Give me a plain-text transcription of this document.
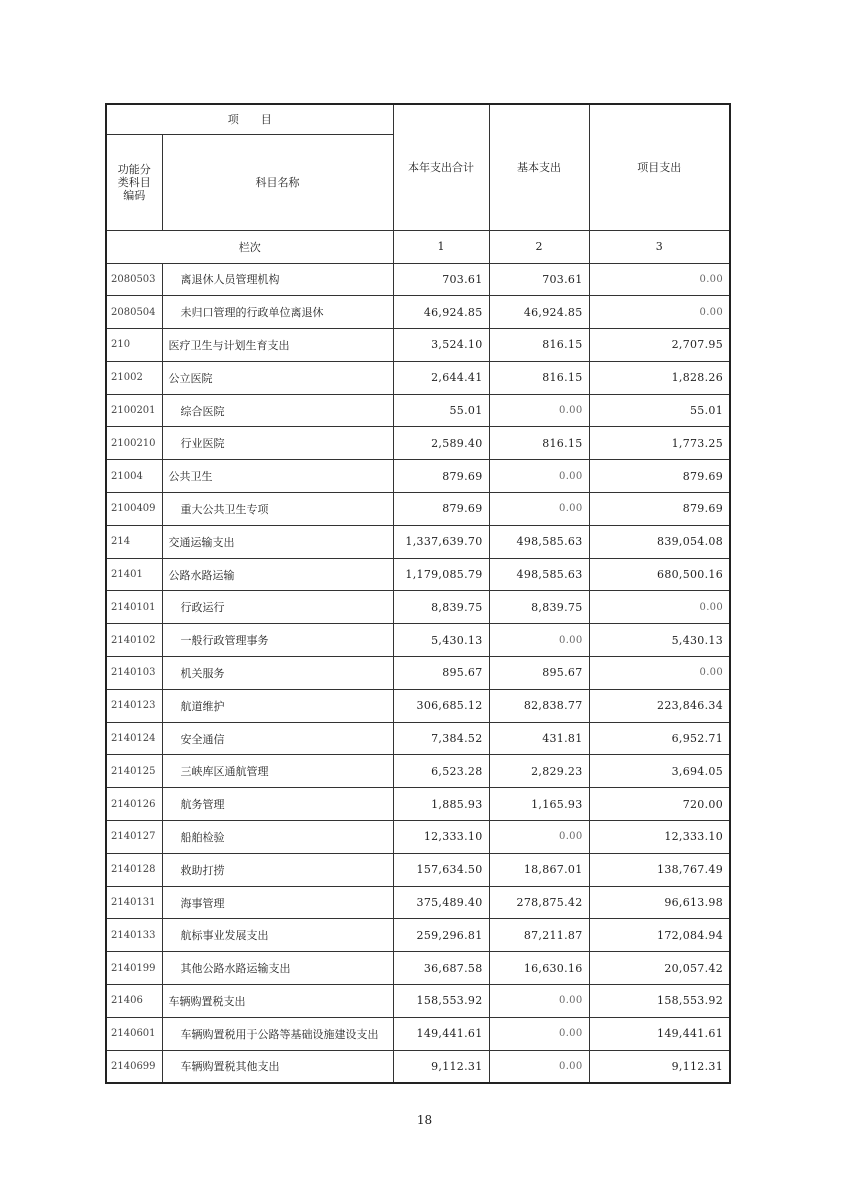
项　　目		本年支出合计	基本支出	项目支出
功能分类科目编码	科目名称			
栏次		1	2	3
2080503	离退休人员管理机构	703.61	703.61	0.00
2080504	未归口管理的行政单位离退休	46,924.85	46,924.85	0.00
210	医疗卫生与计划生育支出	3,524.10	816.15	2,707.95
21002	公立医院	2,644.41	816.15	1,828.26
2100201	综合医院	55.01	0.00	55.01
2100210	行业医院	2,589.40	816.15	1,773.25
21004	公共卫生	879.69	0.00	879.69
2100409	重大公共卫生专项	879.69	0.00	879.69
214	交通运输支出	1,337,639.70	498,585.63	839,054.08
21401	公路水路运输	1,179,085.79	498,585.63	680,500.16
2140101	行政运行	8,839.75	8,839.75	0.00
2140102	一般行政管理事务	5,430.13	0.00	5,430.13
2140103	机关服务	895.67	895.67	0.00
2140123	航道维护	306,685.12	82,838.77	223,846.34
2140124	安全通信	7,384.52	431.81	6,952.71
2140125	三峡库区通航管理	6,523.28	2,829.23	3,694.05
2140126	航务管理	1,885.93	1,165.93	720.00
2140127	船舶检验	12,333.10	0.00	12,333.10
2140128	救助打捞	157,634.50	18,867.01	138,767.49
2140131	海事管理	375,489.40	278,875.42	96,613.98
2140133	航标事业发展支出	259,296.81	87,211.87	172,084.94
2140199	其他公路水路运输支出	36,687.58	16,630.16	20,057.42
21406	车辆购置税支出	158,553.92	0.00	158,553.92
2140601	车辆购置税用于公路等基础设施建设支出	149,441.61	0.00	149,441.61
2140699	车辆购置税其他支出	9,112.31	0.00	9,112.31
18
